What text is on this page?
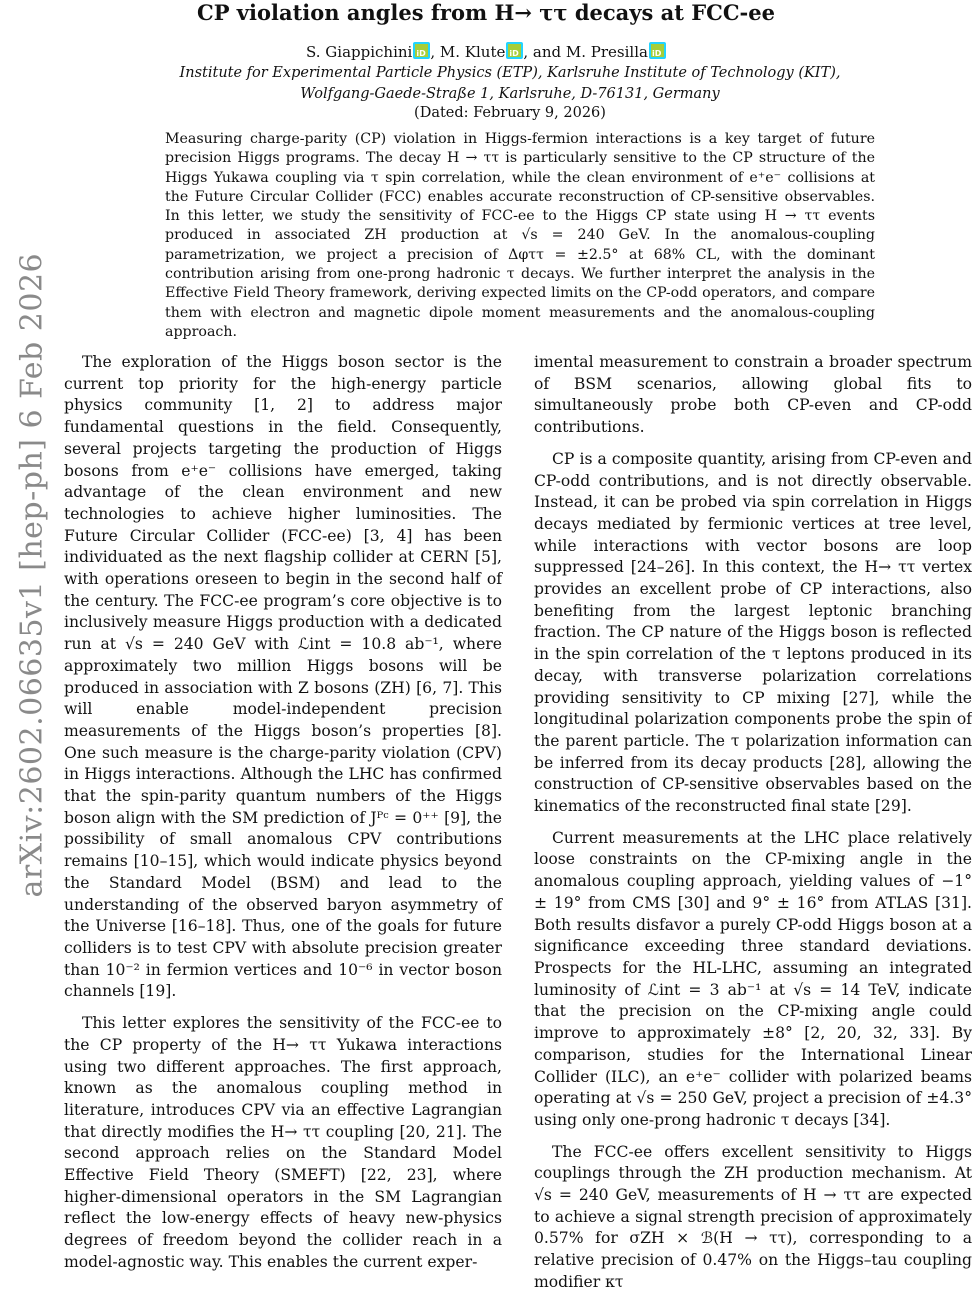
arXiv:2602.06635v1 [hep-ph] 6 Feb 2026
CP violation angles from H→ ττ decays at FCC-ee
S. Giappichini iD , M. Klute iD , and M. PresillaiD
Institute for Experimental Particle Physics (ETP), Karlsruhe Institute of Technology (KIT),
Wolfgang-Gaede-Straße 1, Karlsruhe, D-76131, Germany
(Dated: February 9, 2026)
Measuring charge-parity (CP) violation in Higgs-fermion interactions is a key target of future precision Higgs programs. The decay H → ττ is particularly sensitive to the CP structure of the Higgs Yukawa coupling via τ spin correlation, while the clean environment of e⁺e⁻ collisions at the Future Circular Collider (FCC) enables accurate reconstruction of CP-sensitive observables. In this letter, we study the sensitivity of FCC-ee to the Higgs CP state using H → ττ events produced in associated ZH production at √s = 240 GeV. In the anomalous-coupling parametrization, we project a precision of Δφττ = ±2.5° at 68% CL, with the dominant contribution arising from one-prong hadronic τ decays. We further interpret the analysis in the Effective Field Theory framework, deriving expected limits on the CP-odd operators, and compare them with electron and magnetic dipole moment measurements and the anomalous-coupling approach.

The exploration of the Higgs boson sector is the current top priority for the high-energy particle physics community [1, 2] to address major fundamental questions in the field. Consequently, several projects targeting the production of Higgs bosons from e⁺e⁻ collisions have emerged, taking advantage of the clean environment and new technologies to achieve higher luminosities. The Future Circular Collider (FCC-ee) [3, 4] has been individuated as the next flagship collider at CERN [5], with operations oreseen to begin in the second half of the century. The FCC-ee program’s core objective is to inclusively measure Higgs production with a dedicated run at √s = 240 GeV with ℒint = 10.8 ab⁻¹, where approximately two million Higgs bosons will be produced in association with Z bosons (ZH) [6, 7]. This will enable model-independent precision measurements of the Higgs boson’s properties [8]. One such measure is the charge-parity violation (CPV) in Higgs interactions. Although the LHC has confirmed that the spin-parity quantum numbers of the Higgs boson align with the SM prediction of Jᴾᶜ = 0⁺⁺ [9], the possibility of small anomalous CPV contributions remains [10–15], which would indicate physics beyond the Standard Model (BSM) and lead to the understanding of the observed baryon asymmetry of the Universe [16–18]. Thus, one of the goals for future colliders is to test CPV with absolute precision greater than 10⁻² in fermion vertices and 10⁻⁶ in vector boson channels [19].

This letter explores the sensitivity of the FCC-ee to the CP property of the H→ ττ Yukawa interactions using two different approaches. The first approach, known as the anomalous coupling method in literature, introduces CPV via an effective Lagrangian that directly modifies the H→ ττ coupling [20, 21]. The second approach relies on the Standard Model Effective Field Theory (SMEFT) [22, 23], where higher-dimensional operators in the SM Lagrangian reflect the low-energy effects of heavy new-physics degrees of freedom beyond the collider reach in a model-agnostic way. This enables the current exper-

imental measurement to constrain a broader spectrum of BSM scenarios, allowing global fits to simultaneously probe both CP-even and CP-odd contributions.

CP is a composite quantity, arising from CP-even and CP-odd contributions, and is not directly observable. Instead, it can be probed via spin correlation in Higgs decays mediated by fermionic vertices at tree level, while interactions with vector bosons are loop suppressed [24–26]. In this context, the H→ ττ vertex provides an excellent probe of CP interactions, also benefiting from the largest leptonic branching fraction. The CP nature of the Higgs boson is reflected in the spin correlation of the τ leptons produced in its decay, with transverse polarization correlations providing sensitivity to CP mixing [27], while the longitudinal polarization components probe the spin of the parent particle. The τ polarization information can be inferred from its decay products [28], allowing the construction of CP-sensitive observables based on the kinematics of the reconstructed final state [29].

Current measurements at the LHC place relatively loose constraints on the CP-mixing angle in the anomalous coupling approach, yielding values of −1° ± 19° from CMS [30] and 9° ± 16° from ATLAS [31]. Both results disfavor a purely CP-odd Higgs boson at a significance exceeding three standard deviations. Prospects for the HL-LHC, assuming an integrated luminosity of ℒint = 3 ab⁻¹ at √s = 14 TeV, indicate that the precision on the CP-mixing angle could improve to approximately ±8° [2, 20, 32, 33]. By comparison, studies for the International Linear Collider (ILC), an e⁺e⁻ collider with polarized beams operating at √s = 250 GeV, project a precision of ±4.3° using only one-prong hadronic τ decays [34].

The FCC-ee offers excellent sensitivity to Higgs couplings through the ZH production mechanism. At √s = 240 GeV, measurements of H → ττ are expected to achieve a signal strength precision of approximately 0.57% for σZH × ℬ(H → ττ), corresponding to a relative precision of 0.47% on the Higgs–tau coupling modifier κτ
